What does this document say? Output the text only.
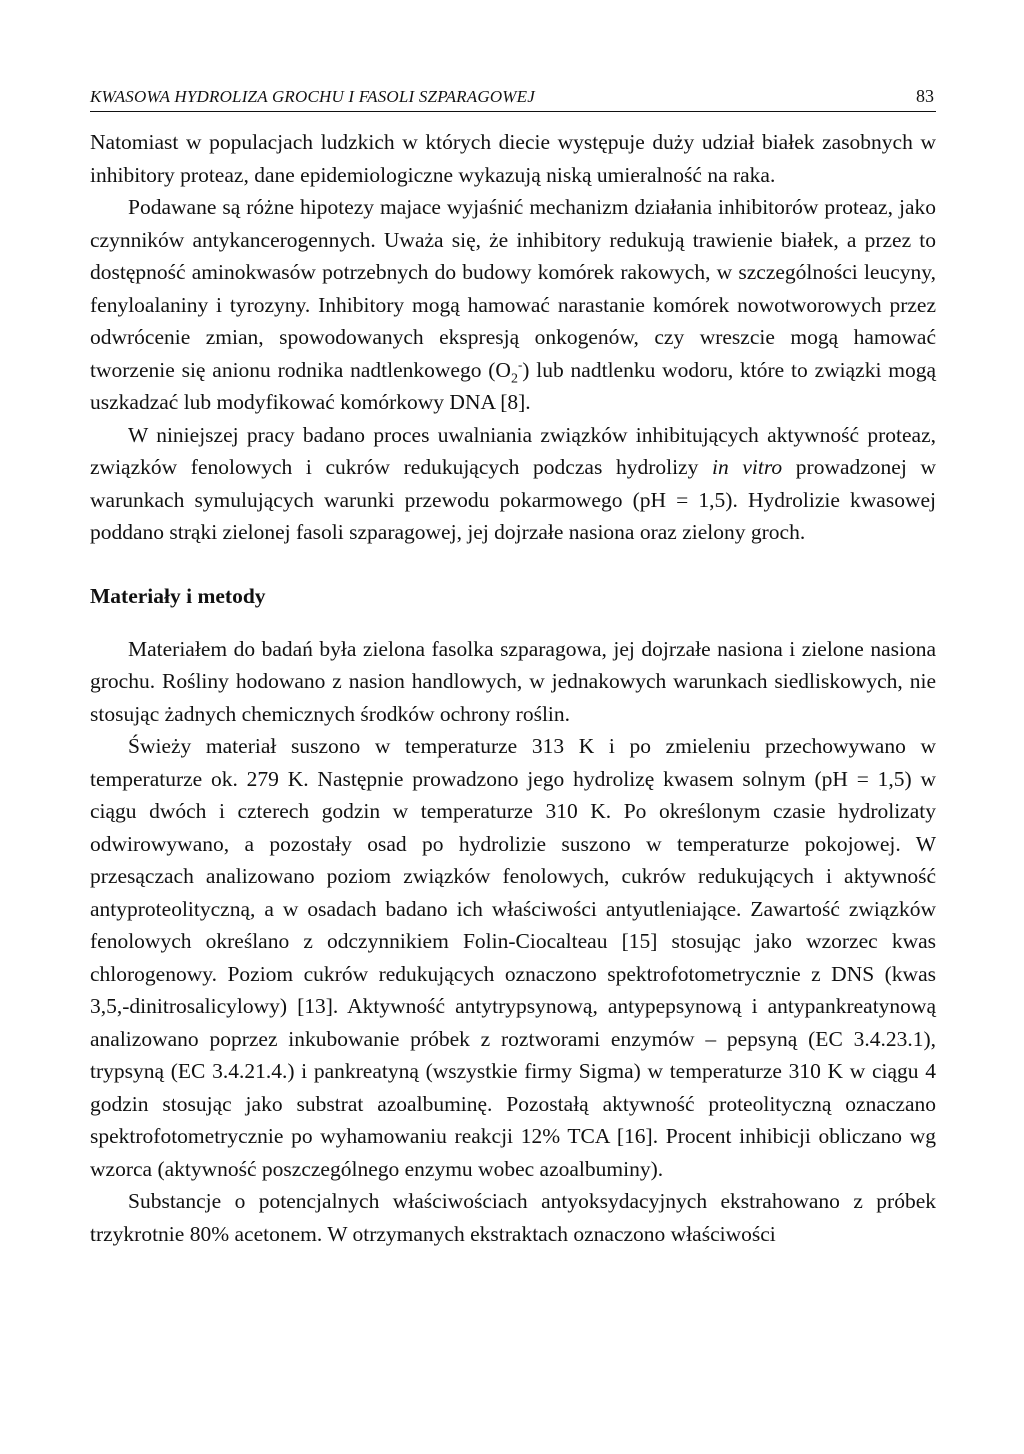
KWASOWA HYDROLIZA GROCHU I FASOLI SZPARAGOWEJ	83

Natomiast w populacjach ludzkich w których diecie występuje duży udział białek zasobnych w inhibitory proteaz, dane epidemiologiczne wykazują niską umieralność na raka.

Podawane są różne hipotezy majace wyjaśnić mechanizm działania inhibitorów proteaz, jako czynników antykancerogennych. Uważa się, że inhibitory redukują trawienie białek, a przez to dostępność aminokwasów potrzebnych do budowy komórek rakowych, w szczególności leucyny, fenyloalaniny i tyrozyny. Inhibitory mogą hamować narastanie komórek nowotworowych przez odwrócenie zmian, spowodowanych ekspresją onkogenów, czy wreszcie mogą hamować tworzenie się anionu rodnika nadtlenkowego $(O_2^-)$ lub nadtlenku wodoru, które to związki mogą uszkadzać lub modyfikować komórkowy DNA [8].

W niniejszej pracy badano proces uwalniania związków inhibitujących aktywność proteaz, związków fenolowych i cukrów redukujących podczas hydrolizy in vitro prowadzonej w warunkach symulujących warunki przewodu pokarmowego (pH = 1,5). Hydrolizie kwasowej poddano strąki zielonej fasoli szparagowej, jej dojrzałe nasiona oraz zielony groch.

Materiały i metody

Materiałem do badań była zielona fasolka szparagowa, jej dojrzałe nasiona i zielone nasiona grochu. Rośliny hodowano z nasion handlowych, w jednakowych warunkach siedliskowych, nie stosując żadnych chemicznych środków ochrony roślin.

Świeży materiał suszono w temperaturze 313 K i po zmieleniu przechowywano w temperaturze ok. 279 K. Następnie prowadzono jego hydrolizę kwasem solnym (pH = 1,5) w ciągu dwóch i czterech godzin w temperaturze 310 K. Po określonym czasie hydrolizaty odwirowywano, a pozostały osad po hydrolizie suszono w temperaturze pokojowej. W przesączach analizowano poziom związków fenolowych, cukrów redukujących i aktywność antyproteolityczną, a w osadach badano ich właściwości antyutleniające. Zawartość związków fenolowych określano z odczynnikiem Folin-Ciocalteau [15] stosując jako wzorzec kwas chlorogenowy. Poziom cukrów redukujących oznaczono spektrofotometrycznie z DNS (kwas 3,5,-dinitrosalicylowy) [13]. Aktywność antytrypsynową, antypepsynową i antypankreatynową analizowano poprzez inkubowanie próbek z roztworami enzymów – pepsyną (EC 3.4.23.1), trypsyną (EC 3.4.21.4.) i pankreatyną (wszystkie firmy Sigma) w temperaturze 310 K w ciągu 4 godzin stosując jako substrat azoalbuminę. Pozostałą aktywność proteolityczną oznaczano spektrofotometrycznie po wyhamowaniu reakcji 12% TCA [16]. Procent inhibicji obliczano wg wzorca (aktywność poszczególnego enzymu wobec azoalbuminy).

Substancje o potencjalnych właściwościach antyoksydacyjnych ekstrahowano z próbek trzykrotnie 80% acetonem. W otrzymanych ekstraktach oznaczono właściwości
